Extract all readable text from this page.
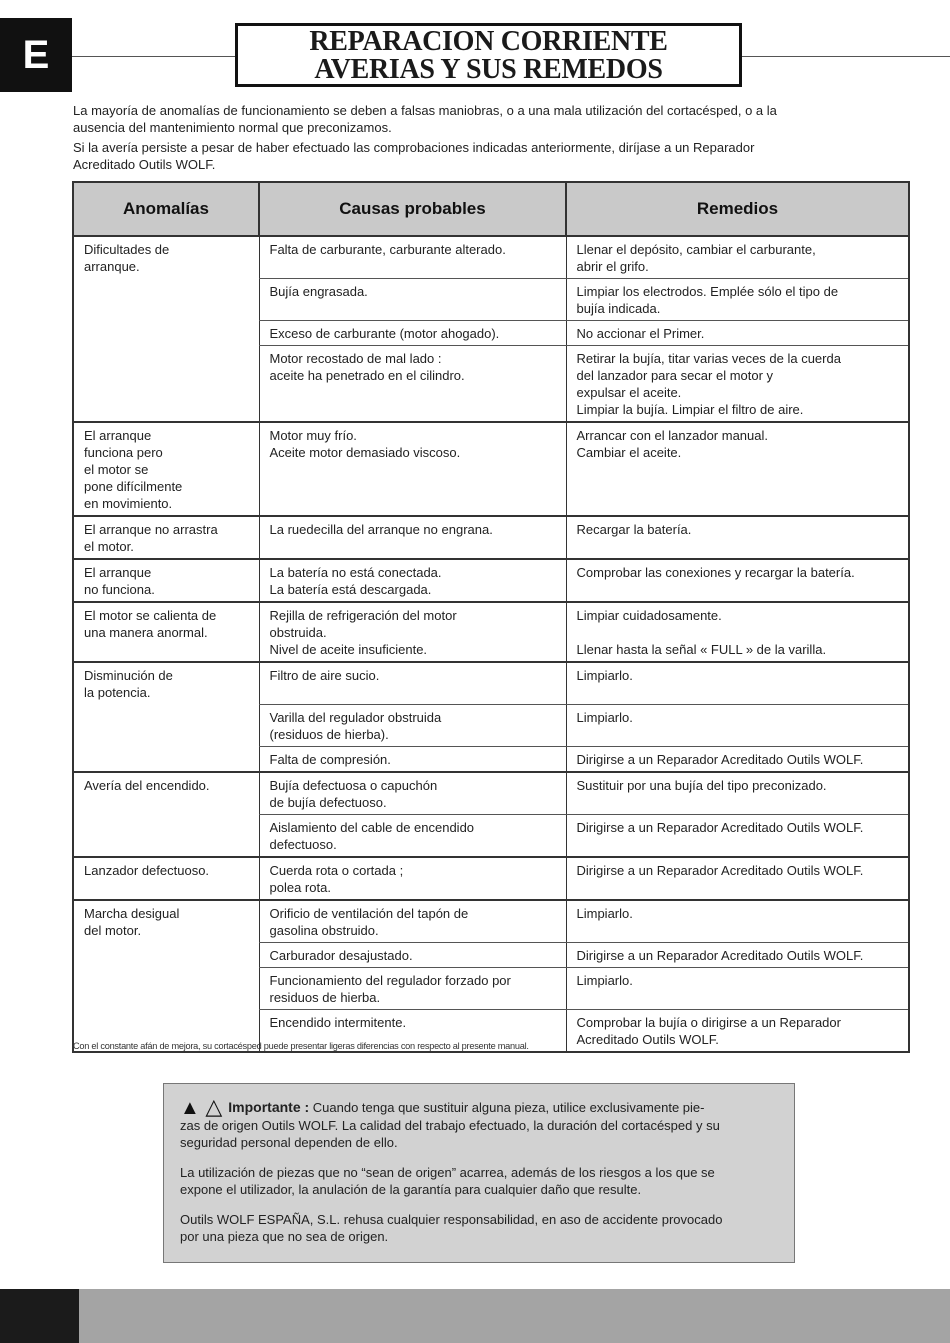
E	REPARACION CORRIENTE
AVERIAS Y SUS REMEDOS
La mayoría de anomalías de funcionamiento se deben a falsas maniobras, o a una mala utilización del cortacésped, o a la
ausencia del mantenimiento normal que preconizamos.
Si la avería persiste a pesar de haber efectuado las comprobaciones indicadas anteriormente, diríjase a un Reparador
Acreditado Outils WOLF.
Anomalías	Causas probables	Remedios

Dificultades de
arranque.	Falta de carburante, carburante alterado.	Llenar el depósito, cambiar el carburante,
abrir el grifo.

	Bujía engrasada.	Limpiar los electrodos. Emplée sólo el tipo de
bujía indicada.

	Exceso de carburante (motor ahogado).	No accionar el Primer.

	Motor recostado de mal lado :
aceite ha penetrado en el cilindro.	Retirar la bujía, titar varias veces de la cuerda
del lanzador para secar el motor y
expulsar el aceite.
Limpiar la bujía. Limpiar el filtro de aire.

El arranque
funciona pero
el motor se
pone difícilmente
en movimiento.	Motor muy frío.
Aceite motor demasiado viscoso.	Arrancar con el lanzador manual.
Cambiar el aceite.

El arranque no arrastra
el motor.	La ruedecilla del arranque no engrana.	Recargar la batería.

El arranque
no funciona.	La batería no está conectada.
La batería está descargada.	Comprobar las conexiones y recargar la batería.

El motor se calienta de
una manera anormal.	Rejilla de refrigeración del motor
obstruida.
Nivel de aceite insuficiente.	Limpiar cuidadosamente.

Llenar hasta la señal « FULL » de la varilla.

Disminución de
la potencia.	Filtro de aire sucio.	Limpiarlo.

	Varilla del regulador obstruida
(residuos de hierba).	Limpiarlo.

	Falta de compresión.	Dirigirse a un Reparador Acreditado Outils WOLF.

Avería del encendido.	Bujía defectuosa o capuchón
de bujía defectuoso.	Sustituir por una bujía del tipo preconizado.

	Aislamiento del cable de encendido
defectuoso.	Dirigirse a un Reparador Acreditado Outils WOLF.

Lanzador defectuoso.	Cuerda rota o cortada ;
polea rota.	Dirigirse a un Reparador Acreditado Outils WOLF.

Marcha desigual
del motor.	Orificio de ventilación del tapón de
gasolina obstruido.	Limpiarlo.

	Carburador desajustado.	Dirigirse a un Reparador Acreditado Outils WOLF.

	Funcionamiento del regulador forzado por
residuos de hierba.	Limpiarlo.

	Encendido intermitente.	Comprobar la bujía o dirigirse a un Reparador
Acreditado Outils WOLF.
Con el constante afán de mejora, su cortacésped puede presentar ligeras diferencias con respecto al presente manual.

▲ △ Importante : Cuando tenga que sustituir alguna pieza, utilice exclusivamente pie-
zas de origen Outils WOLF. La calidad del trabajo efectuado, la duración del cortacésped y su
seguridad personal dependen de ello.

La utilización de piezas que no “sean de origen” acarrea, además de los riesgos a los que se
expone el utilizador, la anulación de la garantía para cualquier daño que resulte.

Outils WOLF ESPAÑA, S.L. rehusa cualquier responsabilidad, en aso de accidente provocado
por una pieza que no sea de origen.
